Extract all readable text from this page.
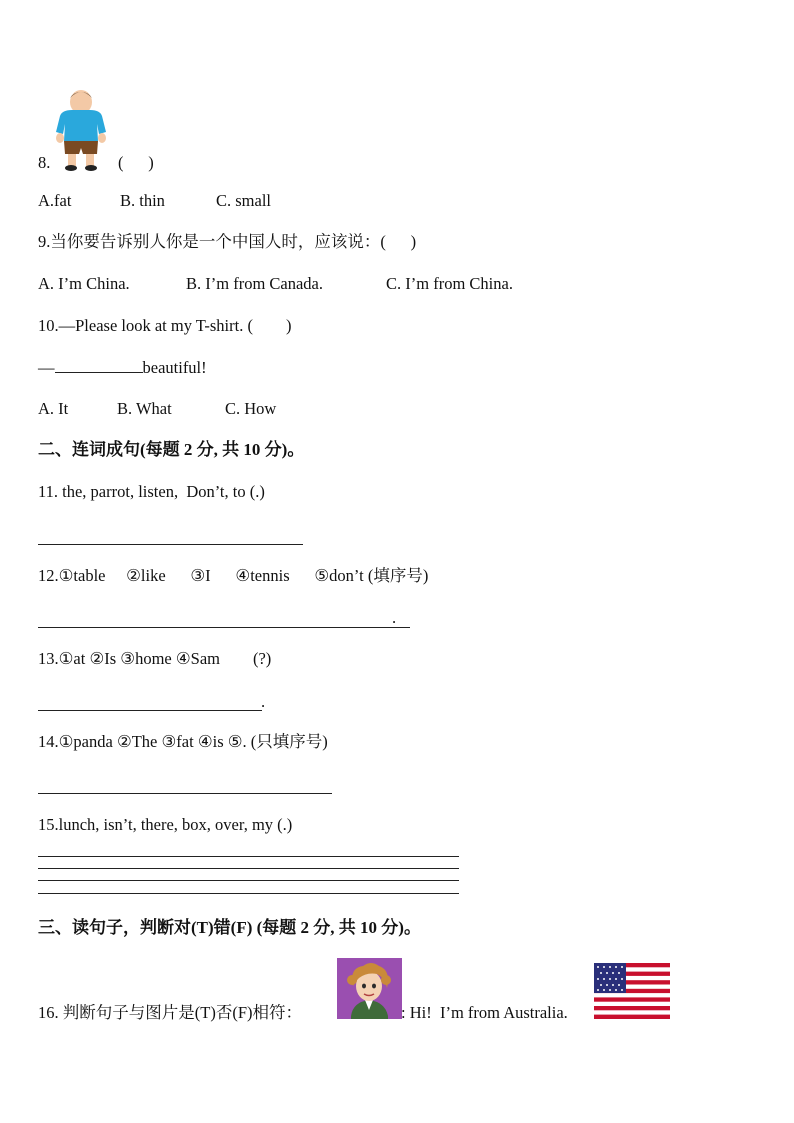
8.	(      )
A.fat	B. thin	C. small
9.当你要告诉别人你是一个中国人时，应该说：(      )
A. I’m China.	B. I’m from Canada.	C. I’m from China.
10.—Please look at my T-shirt. (        )
—	beautiful!
A. It	B. What	C. How
二、连词成句(每题 2 分, 共 10 分)。
11. the, parrot, listen,  Don’t, to (.)
12.①table     ②like      ③I      ④tennis      ⑤don’t (填序号)
.
13.①at ②Is ③home ④Sam        (?)
.
14.①panda ②The ③fat ④is ⑤. (只填序号)
15.lunch, isn’t, there, box, over, my (.)
三、读句子，判断对(T)错(F) (每题 2 分, 共 10 分)。
16. 判断句子与图片是(T)否(F)相符：	: Hi!  I’m from Australia.
